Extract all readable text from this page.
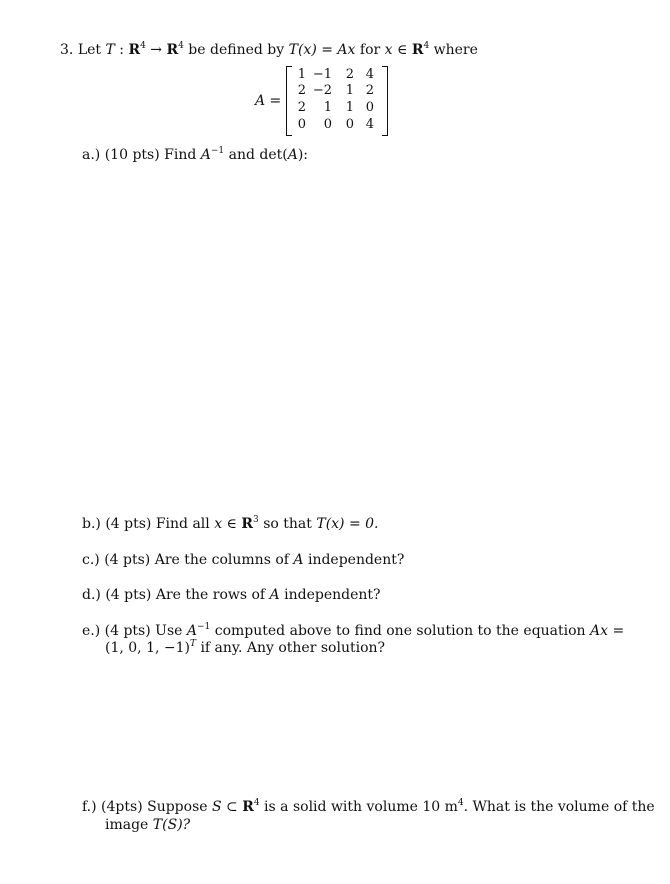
3. Let T : $R^4 \to R^4$ be defined by T(x) = Ax for x ∈ $R^4$ where
A =
1 −1	2 4
2 −2	1 2
2	1	1 0
0	0	0 4
a.) (10 pts) Find $A^{-1}$ and det(A):
b.) (4 pts) Find all x ∈ $R^3$ so that T(x) = 0.
c.) (4 pts) Are the columns of A independent?
d.) (4 pts) Are the rows of A independent?
e.) (4 pts) Use $A^{-1}$ computed above to find one solution to the equation Ax =
(1, 0, 1, −1)$^T$ if any. Any other solution?
f.) (4pts) Suppose S ⊂ $R^4$ is a solid with volume 10 $m^4$. What is the volume of the
image T(S)?
